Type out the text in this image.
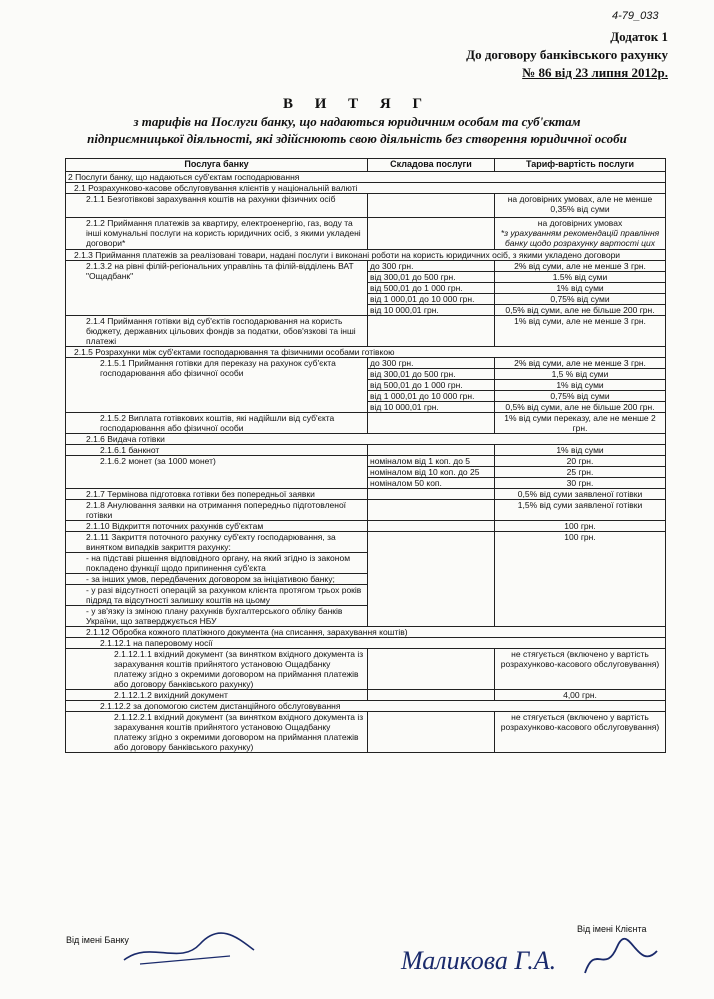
4-79_033
Додаток 1
До договору банківського рахунку
№ 86 від 23 липня 2012р.
В И Т Я Г
з тарифів на Послуги банку, що надаються юридичним особам та суб'єктам
підприємницької діяльності, які здійснюють свою діяльність без створення юридичної особи
Послуга банку	Складова послуги	Тариф-вартість послуги
2 Послуги банку, що надаються суб'єктам господарювання		
2.1 Розрахунково-касове обслуговування клієнтів у національній валюті		
2.1.1 Безготівкові зарахування коштів на рахунки фізичних осіб		на договірних умовах, але не менше
0,35% від суми

2.1.2 Приймання платежів за квартиру, електроенергію, газ, воду та інші комунальні послуги на користь юридичних осіб, з якими укладені договори*		на договірних умовах
*з урахуванням рекомендацій правління банку щодо розрахунку вартості цих

2.1.3 Приймання платежів за реалізовані товари, надані послуги і виконані роботи на користь юридичних осіб, з якими укладено договори		
2.1.3.2 на рівні філій-регіональних управлінь та філій-відділень ВАТ "Ощадбанк"	до 300 грн.	2% від суми, але не менше 3 грн.
	від 300,01 до 500 грн.	1.5% від суми
	від 500,01 до 1 000 грн.	1% від суми
	від 1 000,01 до 10 000 грн.	0,75% від суми
	від 10 000,01 грн.	0,5% від суми, але не більше 200 грн.
2.1.4 Приймання готівки від суб'єктів господарювання на користь бюджету, державних цільових фондів за податки, обов'язкові та інші платежі		1% від суми, але не менше 3 грн.
2.1.5 Розрахунки між суб'єктами господарювання та фізичними особами готівкою		
2.1.5.1 Приймання готівки для переказу на рахунок суб'єкта господарювання або фізичної особи	до 300 грн.	2% від суми, але не менше 3 грн.
	від 300,01 до 500 грн.	1,5 % від суми
	від 500,01 до 1 000 грн.	1% від суми
	від 1 000,01 до 10 000 грн.	0,75% від суми
	від 10 000,01 грн.	0,5% від суми, але не більше 200 грн.
2.1.5.2 Виплата готівкових коштів, які надійшли від суб'єкта господарювання або фізичної особи		1% від суми переказу, але не менше 2 грн.
2.1.6 Видача готівки		
2.1.6.1 банкнот		1% від суми
2.1.6.2 монет (за 1000 монет)	номіналом від 1 коп. до 5	20 грн.
	номіналом від 10 коп. до 25	25 грн.
	номіналом 50 коп.	30 грн.
2.1.7 Термінова підготовка готівки без попередньої заявки		0,5% від суми заявленої готівки
2.1.8 Анулювання заявки на отримання попередньо підготовленої готівки		1,5% від суми заявленої готівки
2.1.10 Відкриття поточних рахунків суб'єктам		100 грн.
2.1.11 Закриття поточного рахунку суб'єкту господарювання, за винятком випадків закриття рахунку:		100 грн.
- на підставі рішення відповідного органу, на який згідно із законом покладено функції щодо припинення суб'єкта		
- за інших умов, передбачених договором за ініціативою банку;		
- у разі відсутності операцій за рахунком клієнта протягом трьох років підряд та відсутності залишку коштів на цьому		
- у зв'язку із зміною плану рахунків бухгалтерського обліку банків України, що затверджується НБУ		
2.1.12 Обробка кожного платіжного документа (на списання, зарахування коштів)		
2.1.12.1 на паперовому носії		
2.1.12.1.1 вхідний документ (за винятком вхідного документа із зарахування коштів прийнятого установою Ощадбанку платежу згідно з окремими договором на приймання платежів або договору банківського рахунку)		не стягується (включено у вартість розрахунково-касового обслуговування)
2.1.12.1.2 вихідний документ		4,00 грн.
2.1.12.2 за допомогою систем дистанційного обслуговування		
2.1.12.2.1 вхідний документ (за винятком вхідного документа із зарахування коштів прийнятого установою Ощадбанку платежу згідно з окремими договором на приймання платежів або договору банківського рахунку)		не стягується (включено у вартість розрахунково-касового обслуговування)
Від імені Банку
Від імені Клієнта
Маликова Г.А.
